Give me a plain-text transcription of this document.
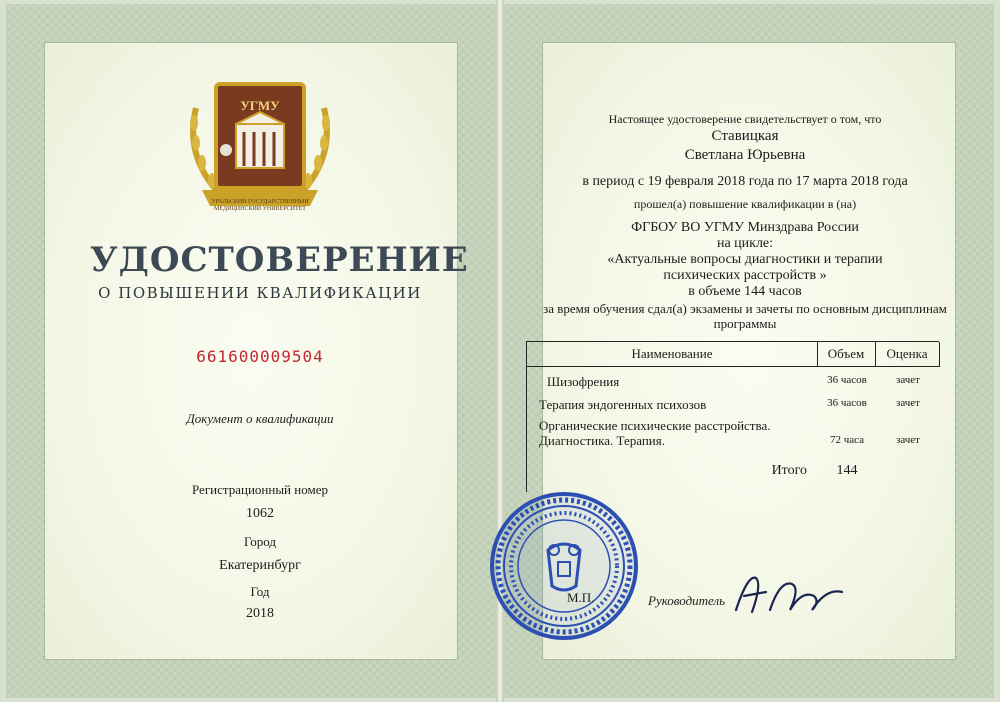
УГМУ
УРАЛЬСКИЙ ГОСУДАРСТВЕННЫЙ МЕДИЦИНСКИЙ УНИВЕРСИТЕТ
УДОСТОВЕРЕНИЕ
О ПОВЫШЕНИИ КВАЛИФИКАЦИИ
661600009504
Документ о квалификации
Регистрационный номер
1062
Город
Екатеринбург
Год
2018
Настоящее удостоверение свидетельствует о том, что
Ставицкая
Светлана Юрьевна
в период с 19 февраля 2018 года по 17 марта 2018 года
прошел(а) повышение квалификации в (на)
ФГБОУ ВО УГМУ Минздрава России
на цикле:
«Актуальные вопросы диагностики и терапии
психических расстройств »
в объеме 144 часов
за время обучения сдал(а) экзамены и зачеты по основным дисциплинам
программы
Наименование	Объем	Оценка
Шизофрения	36 часов	зачет
Терапия эндогенных психозов	36 часов	зачет
Органические психические расстройства.
Диагностика. Терапия.	72 часа	зачет
Итого	144
М.П.	Руководитель
